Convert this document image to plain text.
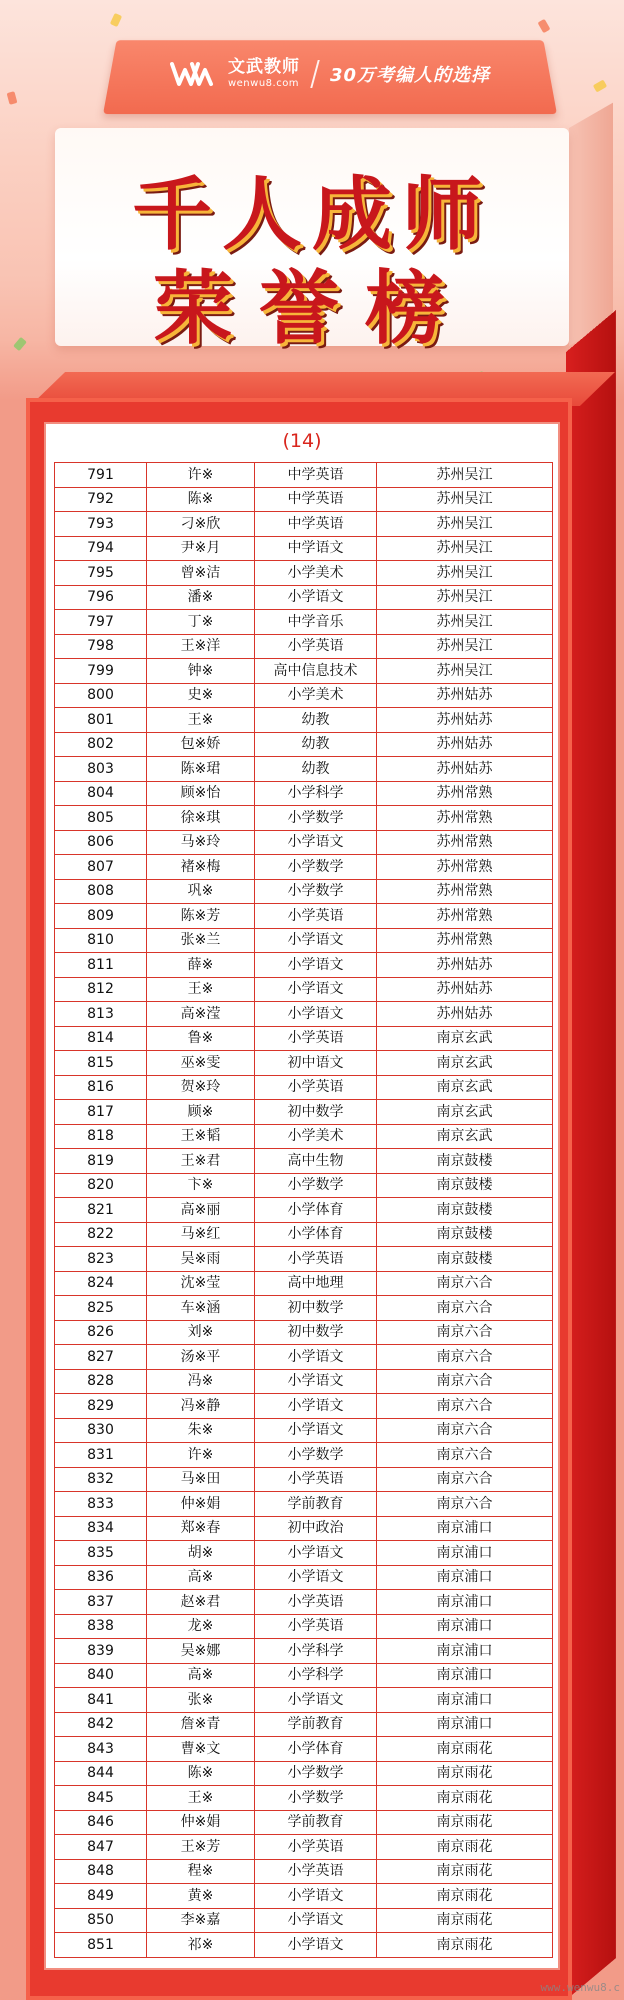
文武教师
wenwu8.com 30万考编人的选择
千人成师
荣誉榜
(14)
791	许※	中学英语	苏州吴江
792	陈※	中学英语	苏州吴江
793	刁※欣	中学英语	苏州吴江
794	尹※月	中学语文	苏州吴江
795	曾※洁	小学美术	苏州吴江
796	潘※	小学语文	苏州吴江
797	丁※	中学音乐	苏州吴江
798	王※洋	小学英语	苏州吴江
799	钟※	高中信息技术	苏州吴江
800	史※	小学美术	苏州姑苏
801	王※	幼教	苏州姑苏
802	包※娇	幼教	苏州姑苏
803	陈※珺	幼教	苏州姑苏
804	顾※怡	小学科学	苏州常熟
805	徐※琪	小学数学	苏州常熟
806	马※玲	小学语文	苏州常熟
807	褚※梅	小学数学	苏州常熟
808	巩※	小学数学	苏州常熟
809	陈※芳	小学英语	苏州常熟
810	张※兰	小学语文	苏州常熟
811	薛※	小学语文	苏州姑苏
812	王※	小学语文	苏州姑苏
813	高※滢	小学语文	苏州姑苏
814	鲁※	小学英语	南京玄武
815	巫※雯	初中语文	南京玄武
816	贺※玲	小学英语	南京玄武
817	顾※	初中数学	南京玄武
818	王※韬	小学美术	南京玄武
819	王※君	高中生物	南京鼓楼
820	卞※	小学数学	南京鼓楼
821	高※丽	小学体育	南京鼓楼
822	马※红	小学体育	南京鼓楼
823	吴※雨	小学英语	南京鼓楼
824	沈※莹	高中地理	南京六合
825	车※涵	初中数学	南京六合
826	刘※	初中数学	南京六合
827	汤※平	小学语文	南京六合
828	冯※	小学语文	南京六合
829	冯※静	小学语文	南京六合
830	朱※	小学语文	南京六合
831	许※	小学数学	南京六合
832	马※田	小学英语	南京六合
833	仲※娟	学前教育	南京六合
834	郑※春	初中政治	南京浦口
835	胡※	小学语文	南京浦口
836	高※	小学语文	南京浦口
837	赵※君	小学英语	南京浦口
838	龙※	小学英语	南京浦口
839	吴※娜	小学科学	南京浦口
840	高※	小学科学	南京浦口
841	张※	小学语文	南京浦口
842	詹※青	学前教育	南京浦口
843	曹※文	小学体育	南京雨花
844	陈※	小学数学	南京雨花
845	王※	小学数学	南京雨花
846	仲※娟	学前教育	南京雨花
847	王※芳	小学英语	南京雨花
848	程※	小学英语	南京雨花
849	黄※	小学语文	南京雨花
850	李※嘉	小学语文	南京雨花
851	祁※	小学语文	南京雨花
www.wenwu8.c
